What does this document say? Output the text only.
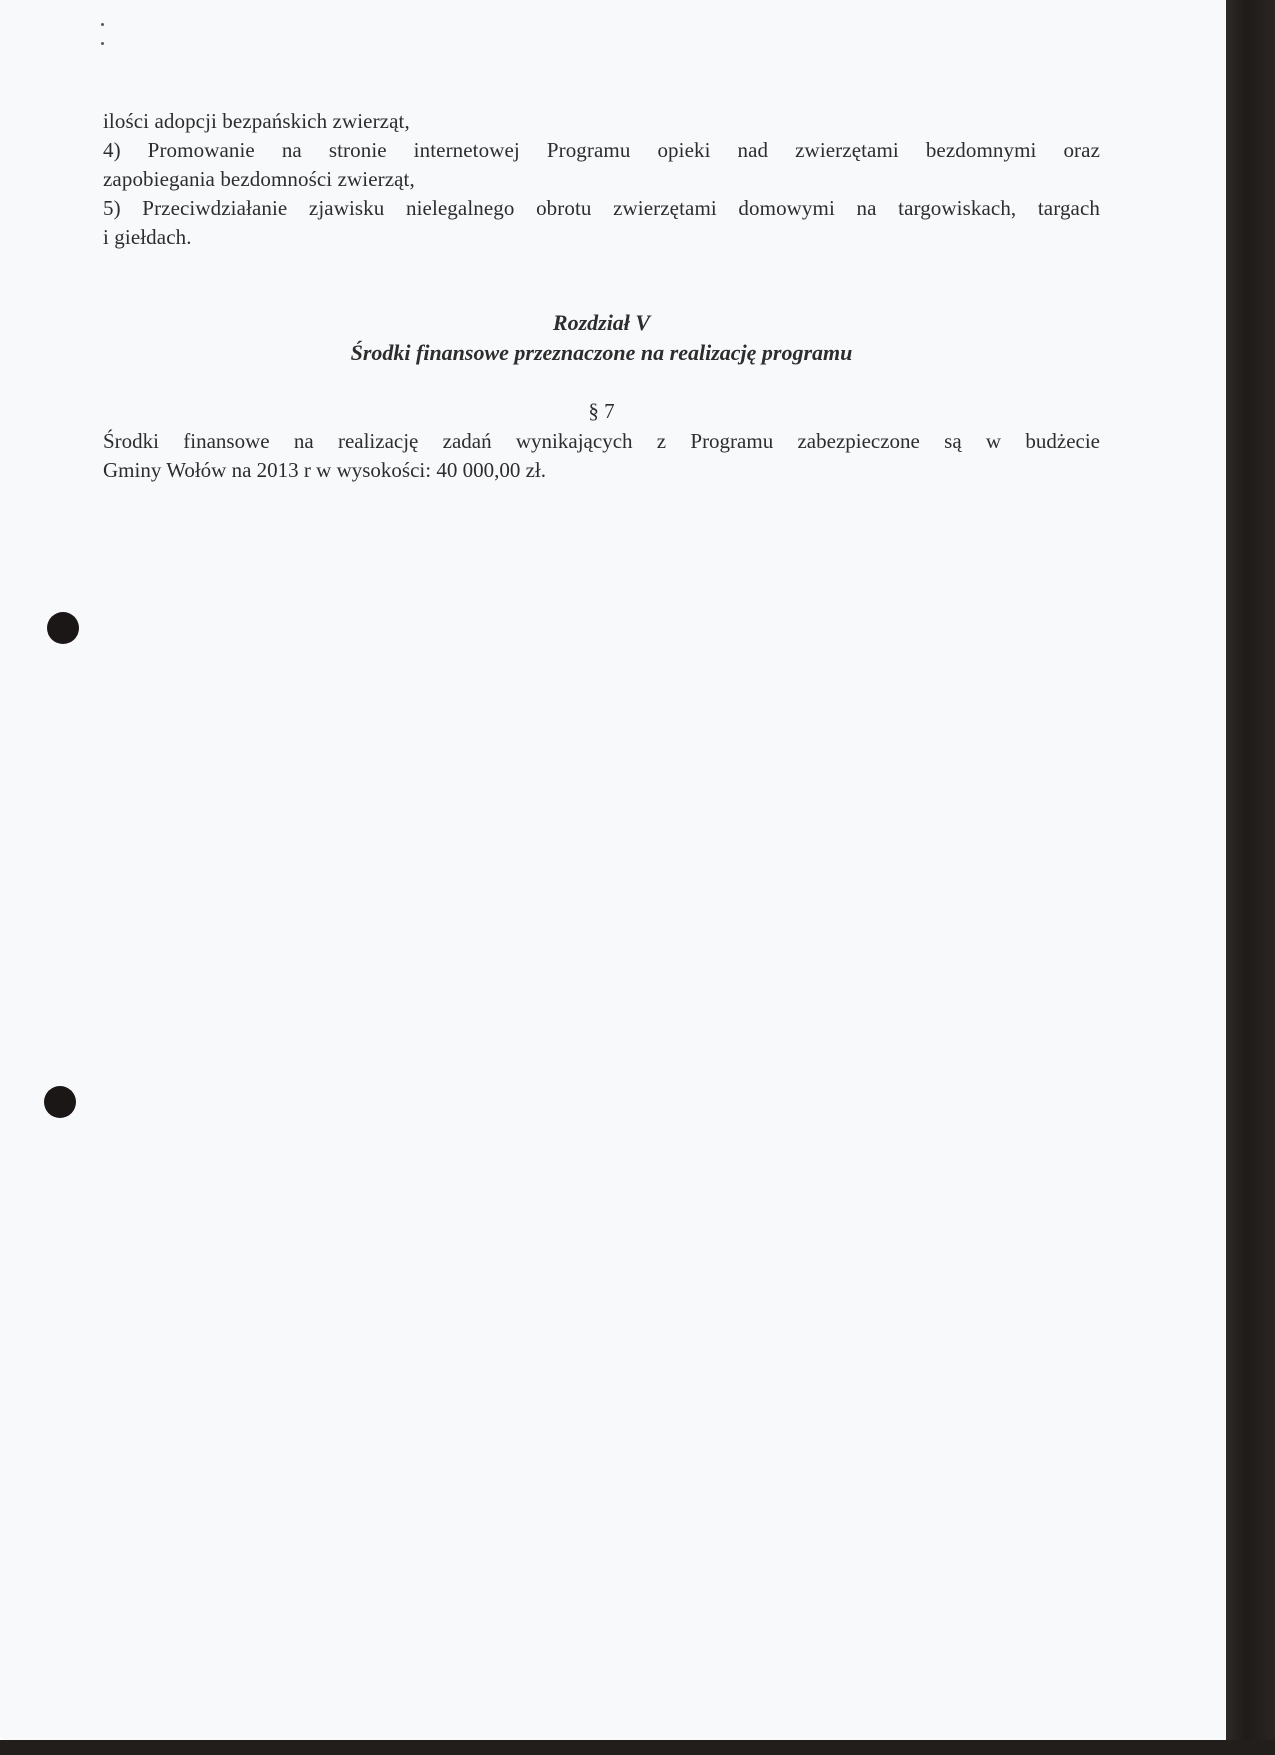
ilości adopcji bezpańskich zwierząt,

4) Promowanie na stronie internetowej Programu opieki nad zwierzętami bezdomnymi oraz

zapobiegania bezdomności zwierząt,

5) Przeciwdziałanie zjawisku nielegalnego obrotu zwierzętami domowymi na targowiskach, targach

i giełdach.

Rozdział V
Środki finansowe przeznaczone na realizację programu
§ 7

Środki finansowe na realizację zadań wynikających z Programu zabezpieczone są w budżecie

Gminy Wołów na 2013 r w wysokości: 40 000,00 zł.
